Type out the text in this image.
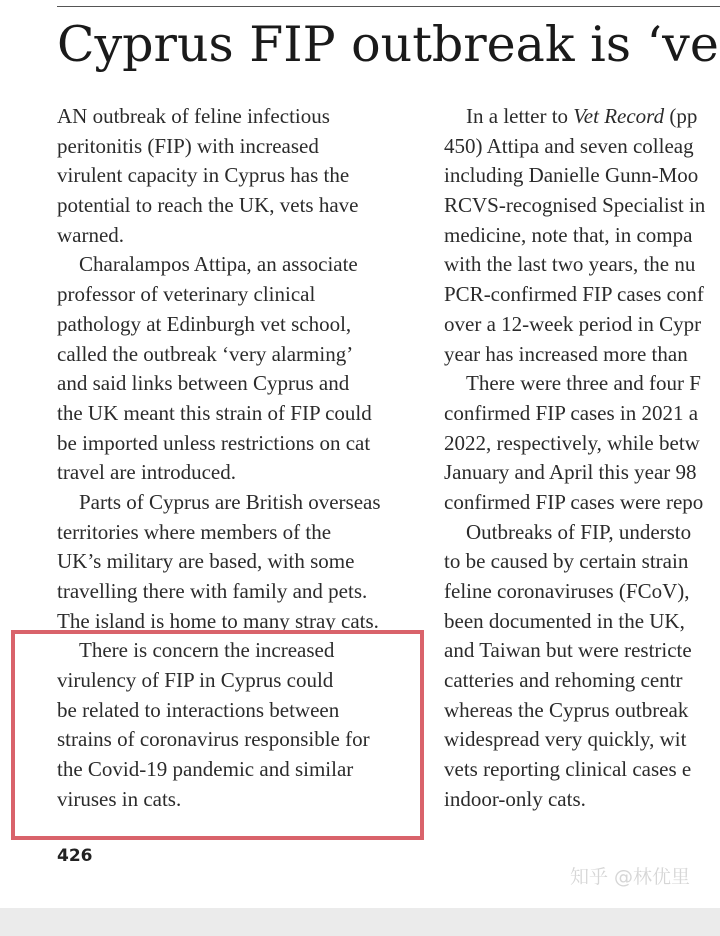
Cyprus FIP outbreak is ‘ve
AN outbreak of feline infectious
peritonitis (FIP) with increased
virulent capacity in Cyprus has the
potential to reach the UK, vets have
warned.
Charalampos Attipa, an associate
professor of veterinary clinical
pathology at Edinburgh vet school,
called the outbreak ‘very alarming’
and said links between Cyprus and
the UK meant this strain of FIP could
be imported unless restrictions on cat
travel are introduced.
Parts of Cyprus are British overseas
territories where members of the
UK’s military are based, with some
travelling there with family and pets.
The island is home to many stray cats.
There is concern the increased
virulency of FIP in Cyprus could
be related to interactions between
strains of coronavirus responsible for
the Covid-19 pandemic and similar
viruses in cats.
In a letter to Vet Record (pp
450) Attipa and seven colleag
including Danielle Gunn-Moo
RCVS-recognised Specialist in
medicine, note that, in compa
with the last two years, the nu
PCR-confirmed FIP cases conf
over a 12-week period in Cypr
year has increased more than
There were three and four F
confirmed FIP cases in 2021 a
2022, respectively, while betw
January and April this year 98
confirmed FIP cases were repo
Outbreaks of FIP, understo
to be caused by certain strain
feline coronaviruses (FCoV),
been documented in the UK,
and Taiwan but were restricte
catteries and rehoming centr
whereas the Cyprus outbreak
widespread very quickly, wit
vets reporting clinical cases e
indoor-only cats.
426
知乎 @林优里
